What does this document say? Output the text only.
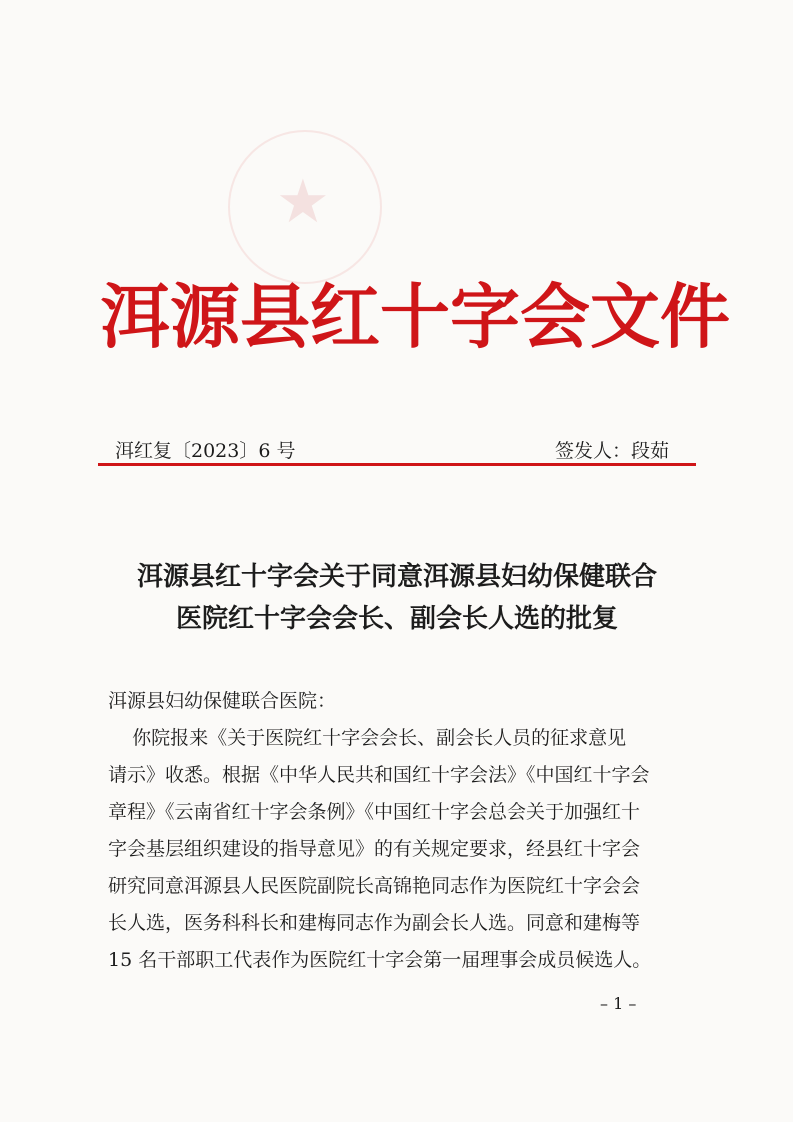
★
洱源县红十字会文件
洱红复〔2023〕6 号	签发人：段茹
洱源县红十字会关于同意洱源县妇幼保健联合
医院红十字会会长、副会长人选的批复
洱源县妇幼保健联合医院：
你院报来《关于医院红十字会会长、副会长人员的征求意见
请示》收悉。根据《中华人民共和国红十字会法》《中国红十字会
章程》《云南省红十字会条例》《中国红十字会总会关于加强红十
字会基层组织建设的指导意见》的有关规定要求，经县红十字会
研究同意洱源县人民医院副院长高锦艳同志作为医院红十字会会
长人选，医务科科长和建梅同志作为副会长人选。同意和建梅等
15 名干部职工代表作为医院红十字会第一届理事会成员候选人。
– 1 –
